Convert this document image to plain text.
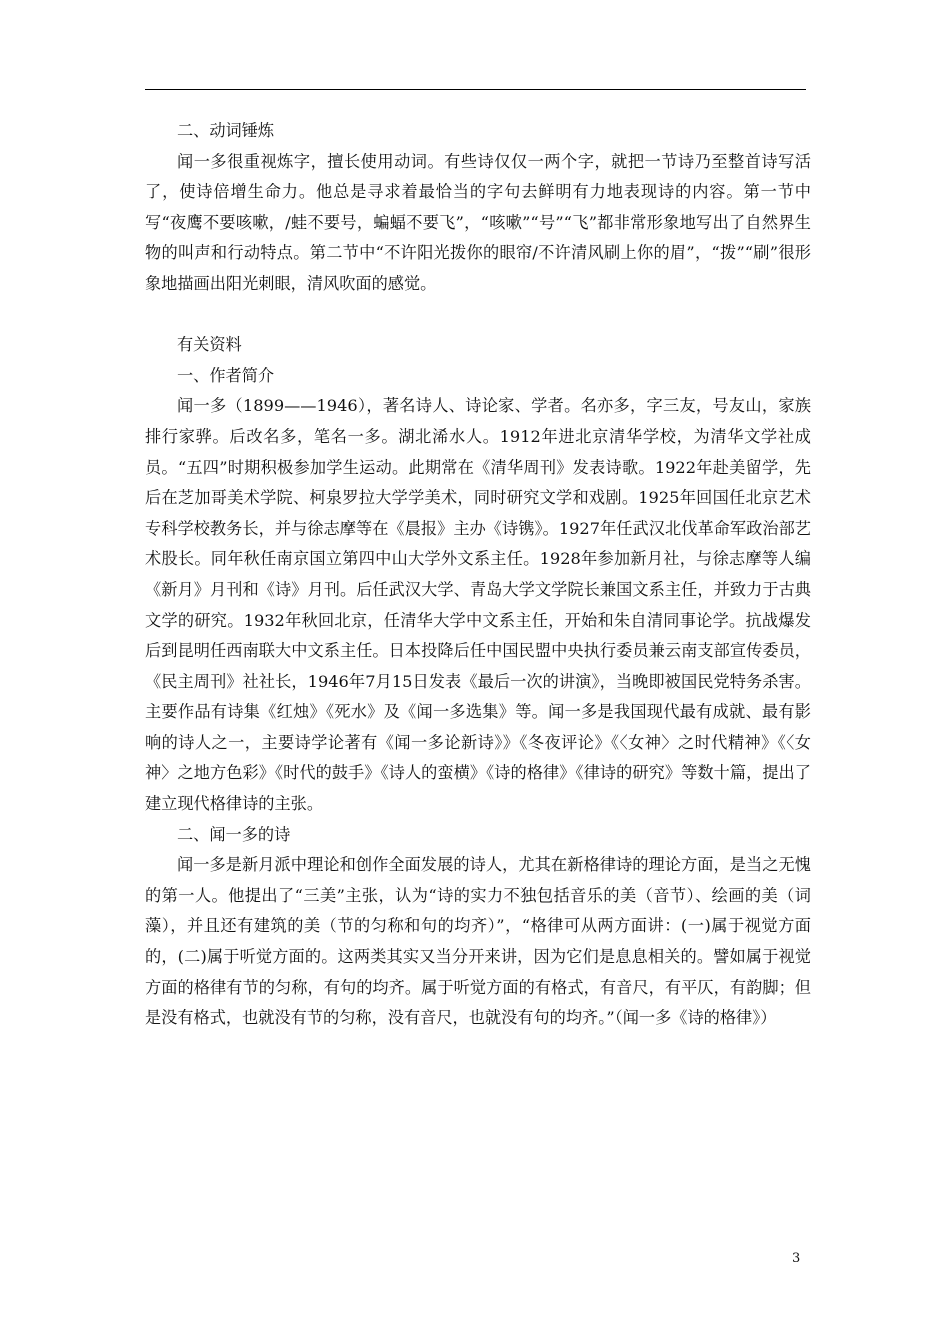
二、动词锤炼

闻一多很重视炼字，擅长使用动词。有些诗仅仅一两个字，就把一节诗乃至整首诗写活了，使诗倍增生命力。他总是寻求着最恰当的字句去鲜明有力地表现诗的内容。第一节中写“夜鹰不要咳嗽，/蛙不要号，蝙蝠不要飞”，“咳嗽”“号”“飞”都非常形象地写出了自然界生物的叫声和行动特点。第二节中“不许阳光拨你的眼帘/不许清风刷上你的眉”，“拨”“刷”很形象地描画出阳光刺眼，清风吹面的感觉。

有关资料

一、作者简介

闻一多（1899——1946），著名诗人、诗论家、学者。名亦多，字三友，号友山，家族排行家骅。后改名多，笔名一多。湖北浠水人。1912年进北京清华学校，为清华文学社成员。“五四”时期积极参加学生运动。此期常在《清华周刊》发表诗歌。1922年赴美留学，先后在芝加哥美术学院、柯泉罗拉大学学美术，同时研究文学和戏剧。1925年回国任北京艺术专科学校教务长，并与徐志摩等在《晨报》主办《诗镌》。1927年任武汉北伐革命军政治部艺术股长。同年秋任南京国立第四中山大学外文系主任。1928年参加新月社，与徐志摩等人编《新月》月刊和《诗》月刊。后任武汉大学、青岛大学文学院长兼国文系主任，并致力于古典文学的研究。1932年秋回北京，任清华大学中文系主任，开始和朱自清同事论学。抗战爆发后到昆明任西南联大中文系主任。日本投降后任中国民盟中央执行委员兼云南支部宣传委员，《民主周刊》社社长，1946年7月15日发表《最后一次的讲演》，当晚即被国民党特务杀害。主要作品有诗集《红烛》《死水》及《闻一多选集》等。闻一多是我国现代最有成就、最有影响的诗人之一，主要诗学论著有《闻一多论新诗》》《冬夜评论》《〈女神〉之时代精神》《〈女神〉之地方色彩》《时代的鼓手》《诗人的蛮横》《诗的格律》《律诗的研究》等数十篇，提出了建立现代格律诗的主张。

二、闻一多的诗

闻一多是新月派中理论和创作全面发展的诗人，尤其在新格律诗的理论方面，是当之无愧的第一人。他提出了“三美”主张，认为“诗的实力不独包括音乐的美（音节）、绘画的美（词藻），并且还有建筑的美（节的匀称和句的均齐）”，“格律可从两方面讲：(一)属于视觉方面的，(二)属于听觉方面的。这两类其实又当分开来讲，因为它们是息息相关的。譬如属于视觉方面的格律有节的匀称，有句的均齐。属于听觉方面的有格式，有音尺，有平仄，有韵脚；但是没有格式，也就没有节的匀称，没有音尺，也就没有句的均齐。”（闻一多《诗的格律》）

3
